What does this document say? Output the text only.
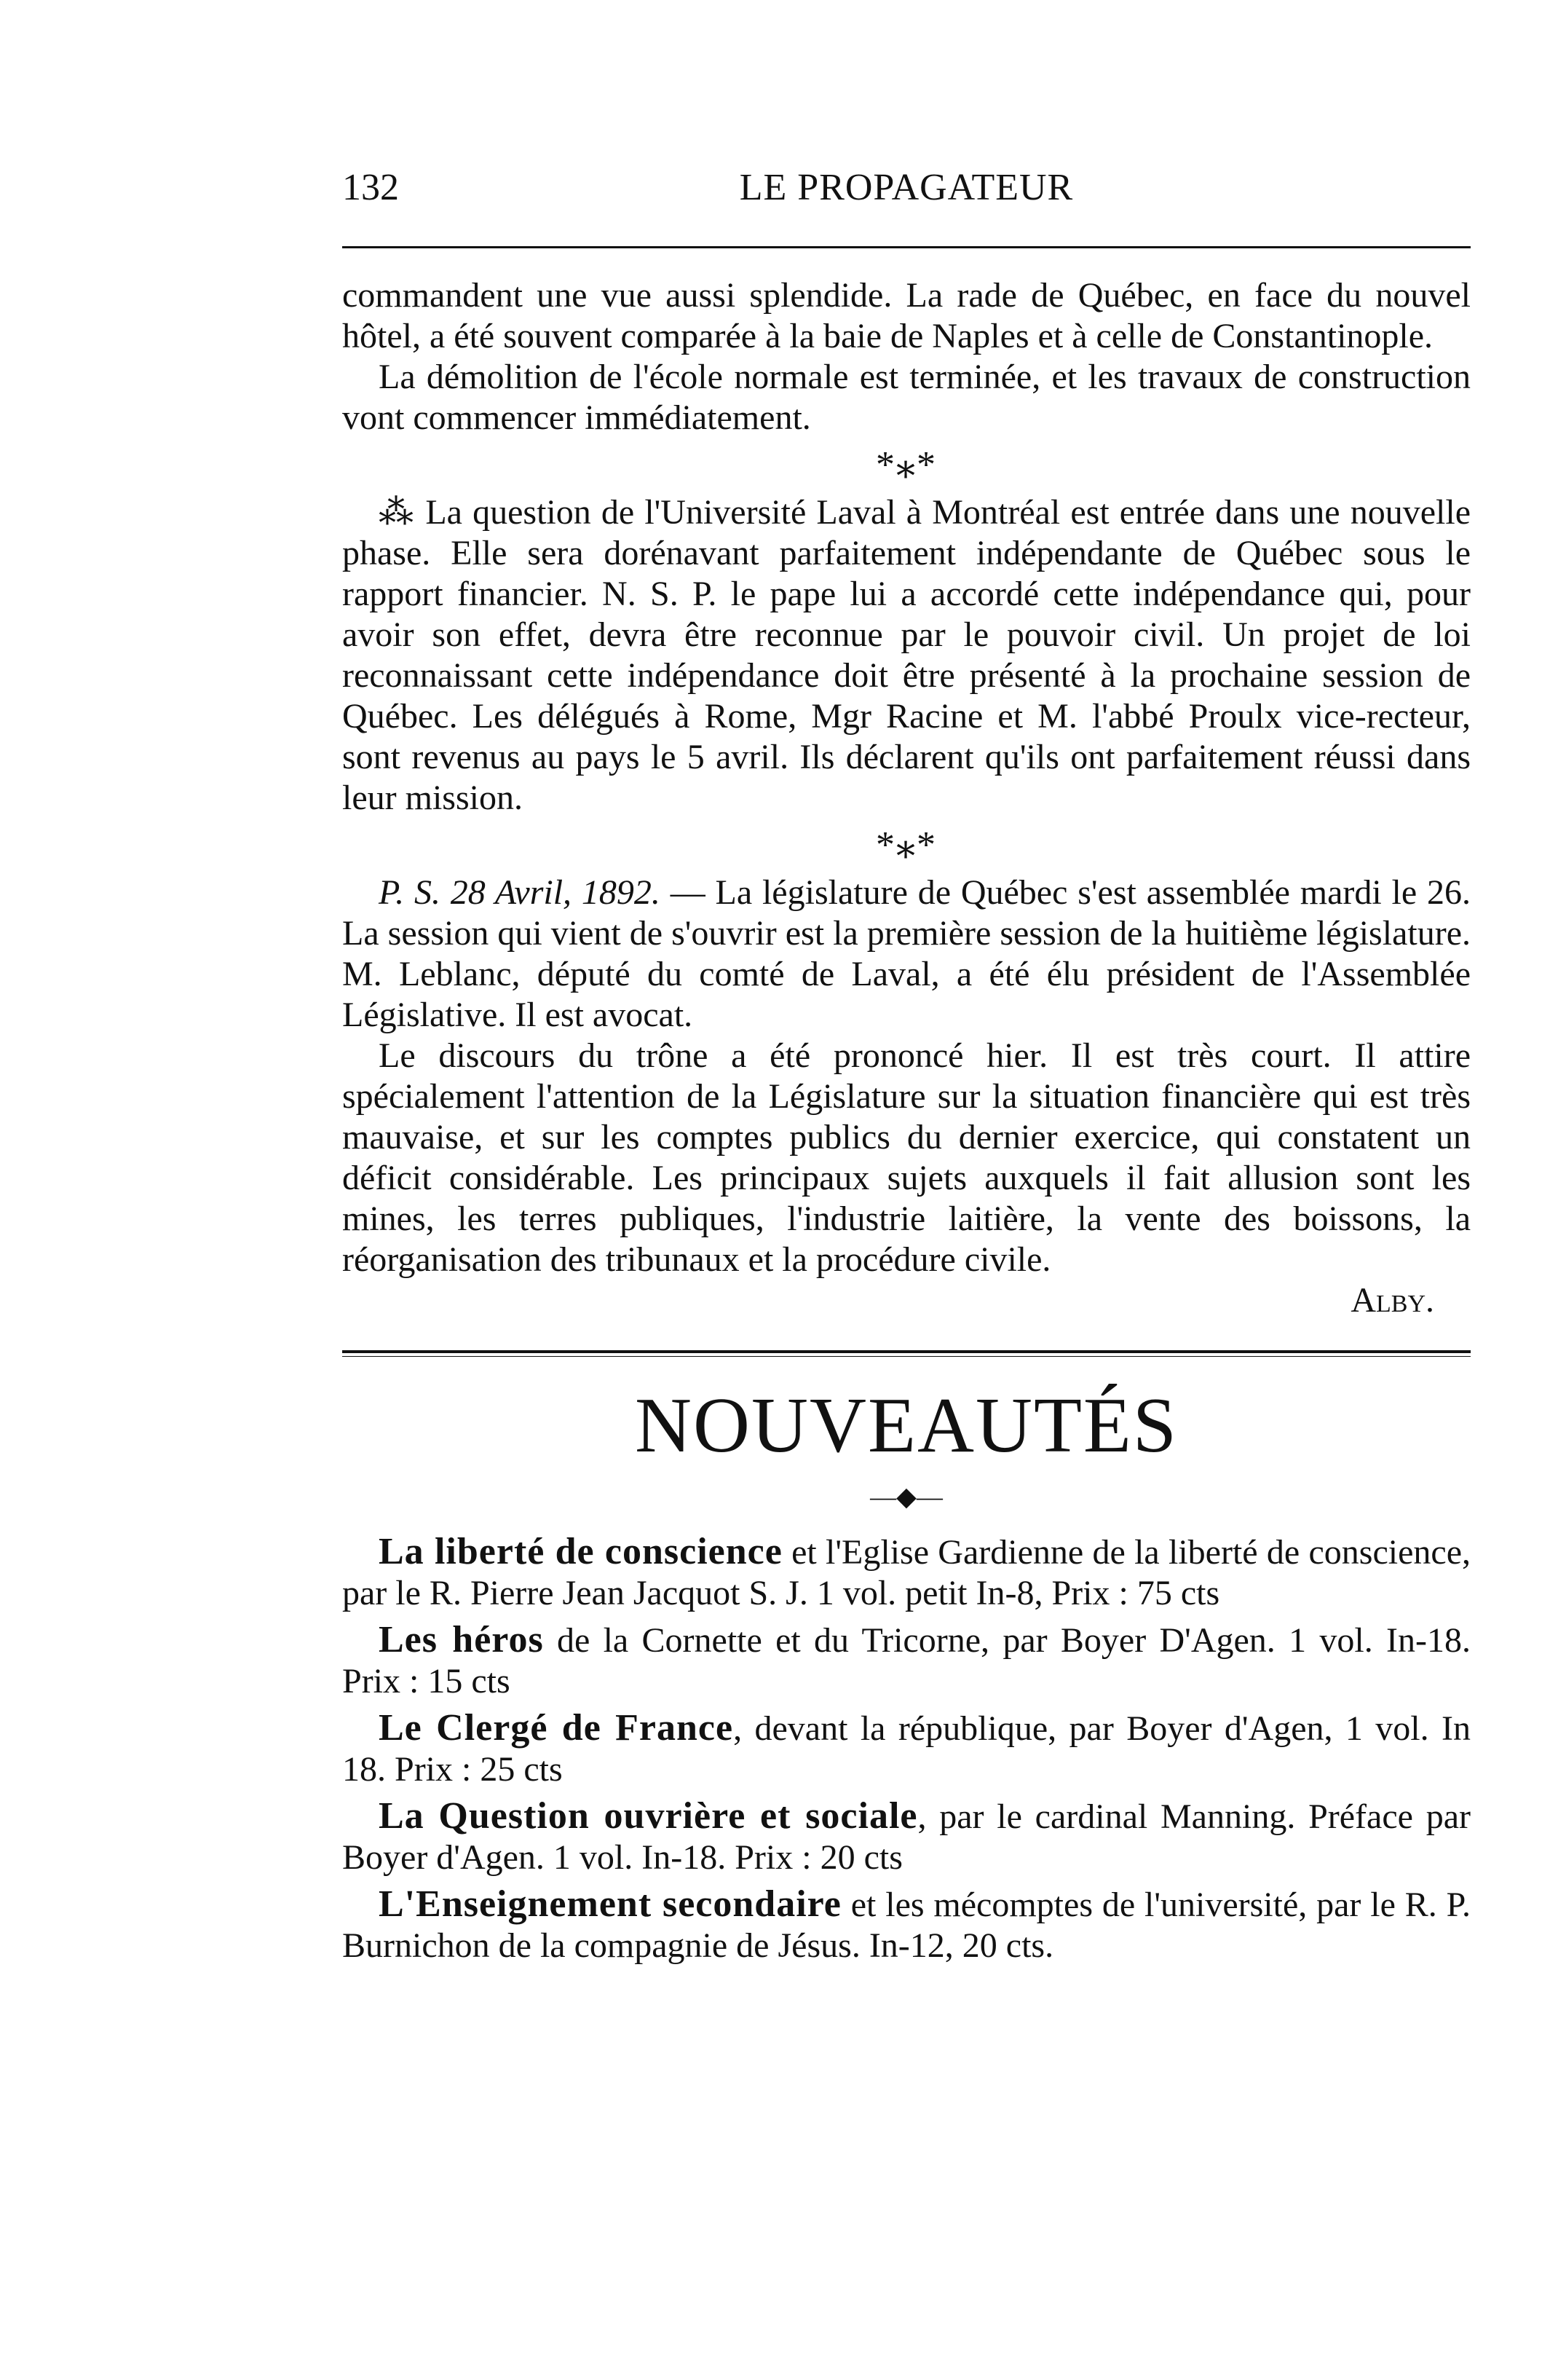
132	LE PROPAGATEUR

commandent une vue aussi splendide. La rade de Québec, en face du nouvel hôtel, a été souvent comparée à la baie de Naples et à celle de Constantinople.

La démolition de l'école normale est terminée, et les travaux de construction vont commencer immédiatement.

*⁎*

⁂ La question de l'Université Laval à Montréal est entrée dans une nouvelle phase. Elle sera dorénavant parfaitement indépendante de Québec sous le rapport financier. N. S. P. le pape lui a accordé cette indépendance qui, pour avoir son effet, devra être reconnue par le pouvoir civil. Un projet de loi reconnaissant cette indépendance doit être présenté à la prochaine session de Québec. Les délégués à Rome, Mgr Racine et M. l'abbé Proulx vice-recteur, sont revenus au pays le 5 avril. Ils déclarent qu'ils ont parfaitement réussi dans leur mission.

*⁎*

P. S. 28 Avril, 1892. — La législature de Québec s'est assemblée mardi le 26. La session qui vient de s'ouvrir est la première session de la huitième législature. M. Leblanc, député du comté de Laval, a été élu président de l'Assemblée Législative. Il est avocat.

Le discours du trône a été prononcé hier. Il est très court. Il attire spécialement l'attention de la Législature sur la situation financière qui est très mauvaise, et sur les comptes publics du dernier exercice, qui constatent un déficit considérable. Les principaux sujets auxquels il fait allusion sont les mines, les terres publiques, l'industrie laitière, la vente des boissons, la réorganisation des tribunaux et la procédure civile.

Alby.

NOUVEAUTÉS

—◆—

La liberté de conscience et l'Eglise Gardienne de la liberté de conscience, par le R. Pierre Jean Jacquot S. J. 1 vol. petit In-8, Prix : 75 cts

Les héros de la Cornette et du Tricorne, par Boyer D'Agen. 1 vol. In-18. Prix : 15 cts

Le Clergé de France, devant la république, par Boyer d'Agen, 1 vol. In 18. Prix : 25 cts

La Question ouvrière et sociale, par le cardinal Manning. Préface par Boyer d'Agen. 1 vol. In-18. Prix : 20 cts

L'Enseignement secondaire et les mécomptes de l'université, par le R. P. Burnichon de la compagnie de Jésus. In-12, 20 cts.
